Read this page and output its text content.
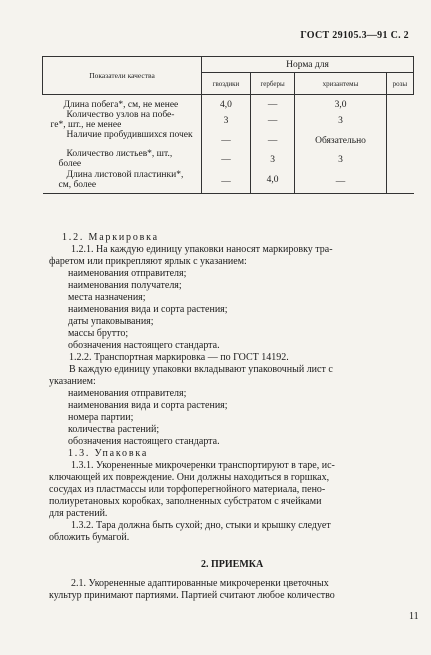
ГОСТ 29105.3—91 С. 2
Показатели качества	Норма для			
	гвоздики	герберы	хризантемы	розы
Длина побега*, см, не менее	4,0	—	3,0	
Количество узлов на побе-
ге*, шт., не менее	3	—	3	
Наличие пробудившихся почек	—	—	Обязательно	
Количество листьев*, шт.,
более	—	3	3	
Длина листовой пластинки*,
см, более	—	4,0	—	
1.2. Маркировка
1.2.1. На каждую единицу упаковки наносят маркировку тра-
фаретом или прикрепляют ярлык с указанием:
наименования отправителя;
наименования получателя;
места назначения;
наименования вида и сорта растения;
даты упаковывания;
массы брутто;
обозначения настоящего стандарта.
1.2.2. Транспортная маркировка — по ГОСТ 14192.
В каждую единицу упаковки вкладывают упаковочный лист с
указанием:
наименования отправителя;
наименования вида и сорта растения;
номера партии;
количества растений;
обозначения настоящего стандарта.
1.3. Упаковка
1.3.1. Укорененные микрочеренки транспортируют в таре, ис-
ключающей их повреждение. Они должны находиться в горшках,
сосудах из пластмассы или торфоперегнойного материала, пено-
полиуретановых коробках, заполненных субстратом с ячейками
для растений.
1.3.2. Тара должна быть сухой; дно, стыки и крышку следует
обложить бумагой.
2. ПРИЕМКА
2.1. Укорененные адаптированные микрочеренки цветочных
культур принимают партиями. Партией считают любое количество
11
